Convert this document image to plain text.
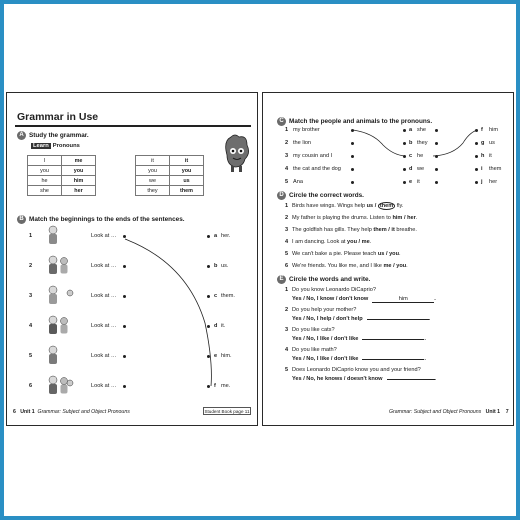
Grammar in Use
A Study the grammar.
Learn Pronouns
I	me
you	you
he	him
she	her
it	it
you	you
we	us
they	them
B Match the beginnings to the ends of the sentences.
1	Look at …	a her.
2	Look at …	b us.
3	Look at …	c them.
4	Look at …	d it.
5	Look at …	e him.
6	Look at …	f me.
6 Unit 1 Grammar: Subject and Object Pronouns	Student Book page 11
C Match the people and animals to the pronouns.
1 my brother	a she	f him
2 the lion	b they	g us
3 my cousin and I	c he	h it
4 the cat and the dog	d we	i them
5 Ana	e it	j her
D Circle the correct words.
1 Birds have wings. Wings help us / them fly.
2 My father is playing the drums. Listen to him / her.
3 The goldfish has gills. They help them / it breathe.
4 I am dancing. Look at you / me.
5 We can't bake a pie. Please teach us / you.
6 We're friends. You like me, and I like me / you.
E Circle the words and write.
1 Do you know Leonardo DiCaprio?
Yes / No, I know / don't know	him	.
2 Do you help your mother?
Yes / No, I help / don't help	.
3 Do you like cats?
Yes / No, I like / don't like	.
4 Do you like math?
Yes / No, I like / don't like	.
5 Does Leonardo DiCaprio know you and your friend?
Yes / No, he knows / doesn't know	.
Grammar: Subject and Object Pronouns Unit 1 7
